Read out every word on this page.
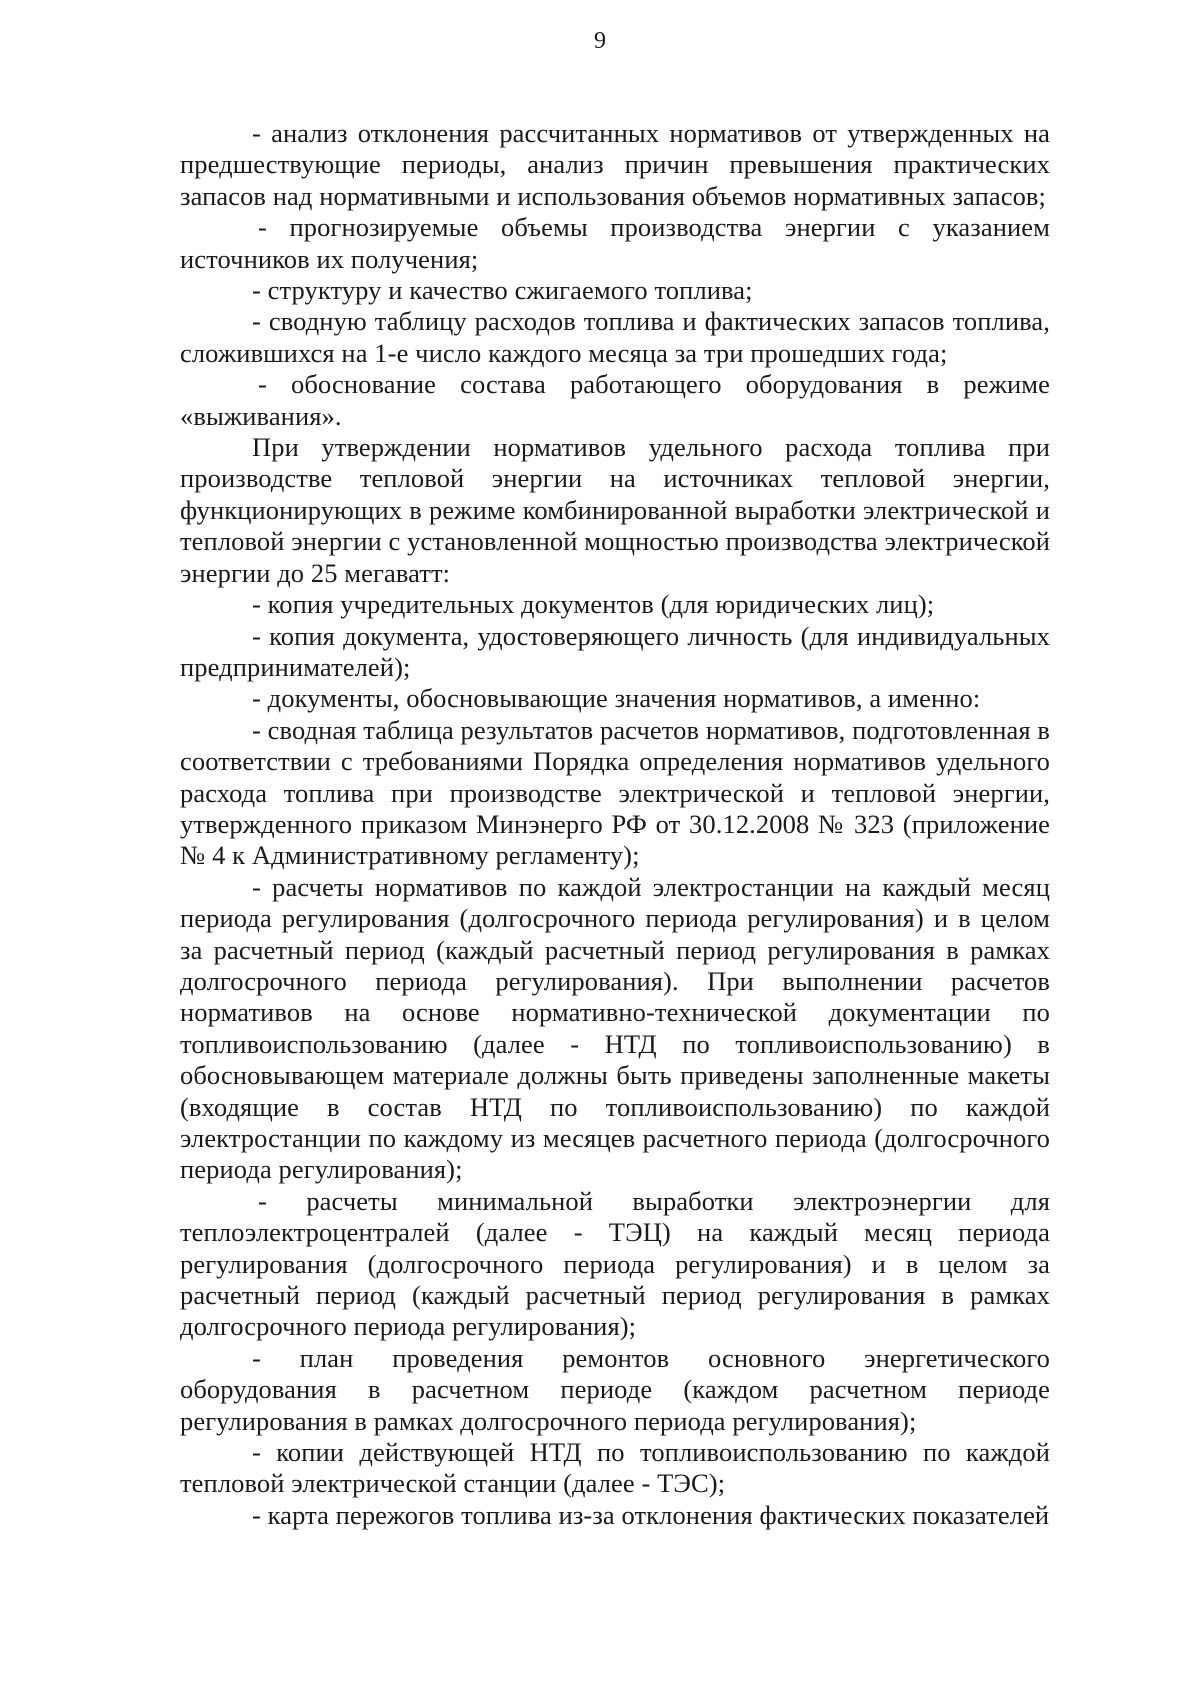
9

- анализ отклонения рассчитанных нормативов от утвержденных на предшествующие периоды, анализ причин превышения практических запасов над нормативными и использования объемов нормативных запасов;

- прогнозируемые объемы производства энергии с указанием источников их получения;

- структуру и качество сжигаемого топлива;

- сводную таблицу расходов топлива и фактических запасов топлива, сложившихся на 1-е число каждого месяца за три прошедших года;

- обоснование состава работающего оборудования в режиме «выживания».

При утверждении нормативов удельного расхода топлива при производстве тепловой энергии на источниках тепловой энергии, функционирующих в режиме комбинированной выработки электрической и тепловой энергии с установленной мощностью производства электрической энергии до 25 мегаватт:

- копия учредительных документов (для юридических лиц);

- копия документа, удостоверяющего личность (для индивидуальных предпринимателей);

- документы, обосновывающие значения нормативов, а именно:

- сводная таблица результатов расчетов нормативов, подготовленная в соответствии с требованиями Порядка определения нормативов удельного расхода топлива при производстве электрической и тепловой энергии, утвержденного приказом Минэнерго РФ от 30.12.2008 № 323 (приложение № 4 к Административному регламенту);

- расчеты нормативов по каждой электростанции на каждый месяц периода регулирования (долгосрочного периода регулирования) и в целом за расчетный период (каждый расчетный период регулирования в рамках долгосрочного периода регулирования). При выполнении расчетов нормативов на основе нормативно-технической документации по топливоиспользованию (далее - НТД по топливоиспользованию) в обосновывающем материале должны быть приведены заполненные макеты (входящие в состав НТД по топливоиспользованию) по каждой электростанции по каждому из месяцев расчетного периода (долгосрочного периода регулирования);

- расчеты минимальной выработки электроэнергии для теплоэлектроцентралей (далее - ТЭЦ) на каждый месяц периода регулирования (долгосрочного периода регулирования) и в целом за расчетный период (каждый расчетный период регулирования в рамках долгосрочного периода регулирования);

- план проведения ремонтов основного энергетического оборудования в расчетном периоде (каждом расчетном периоде регулирования в рамках долгосрочного периода регулирования);

- копии действующей НТД по топливоиспользованию по каждой тепловой электрической станции (далее - ТЭС);

- карта пережогов топлива из-за отклонения фактических показателей
